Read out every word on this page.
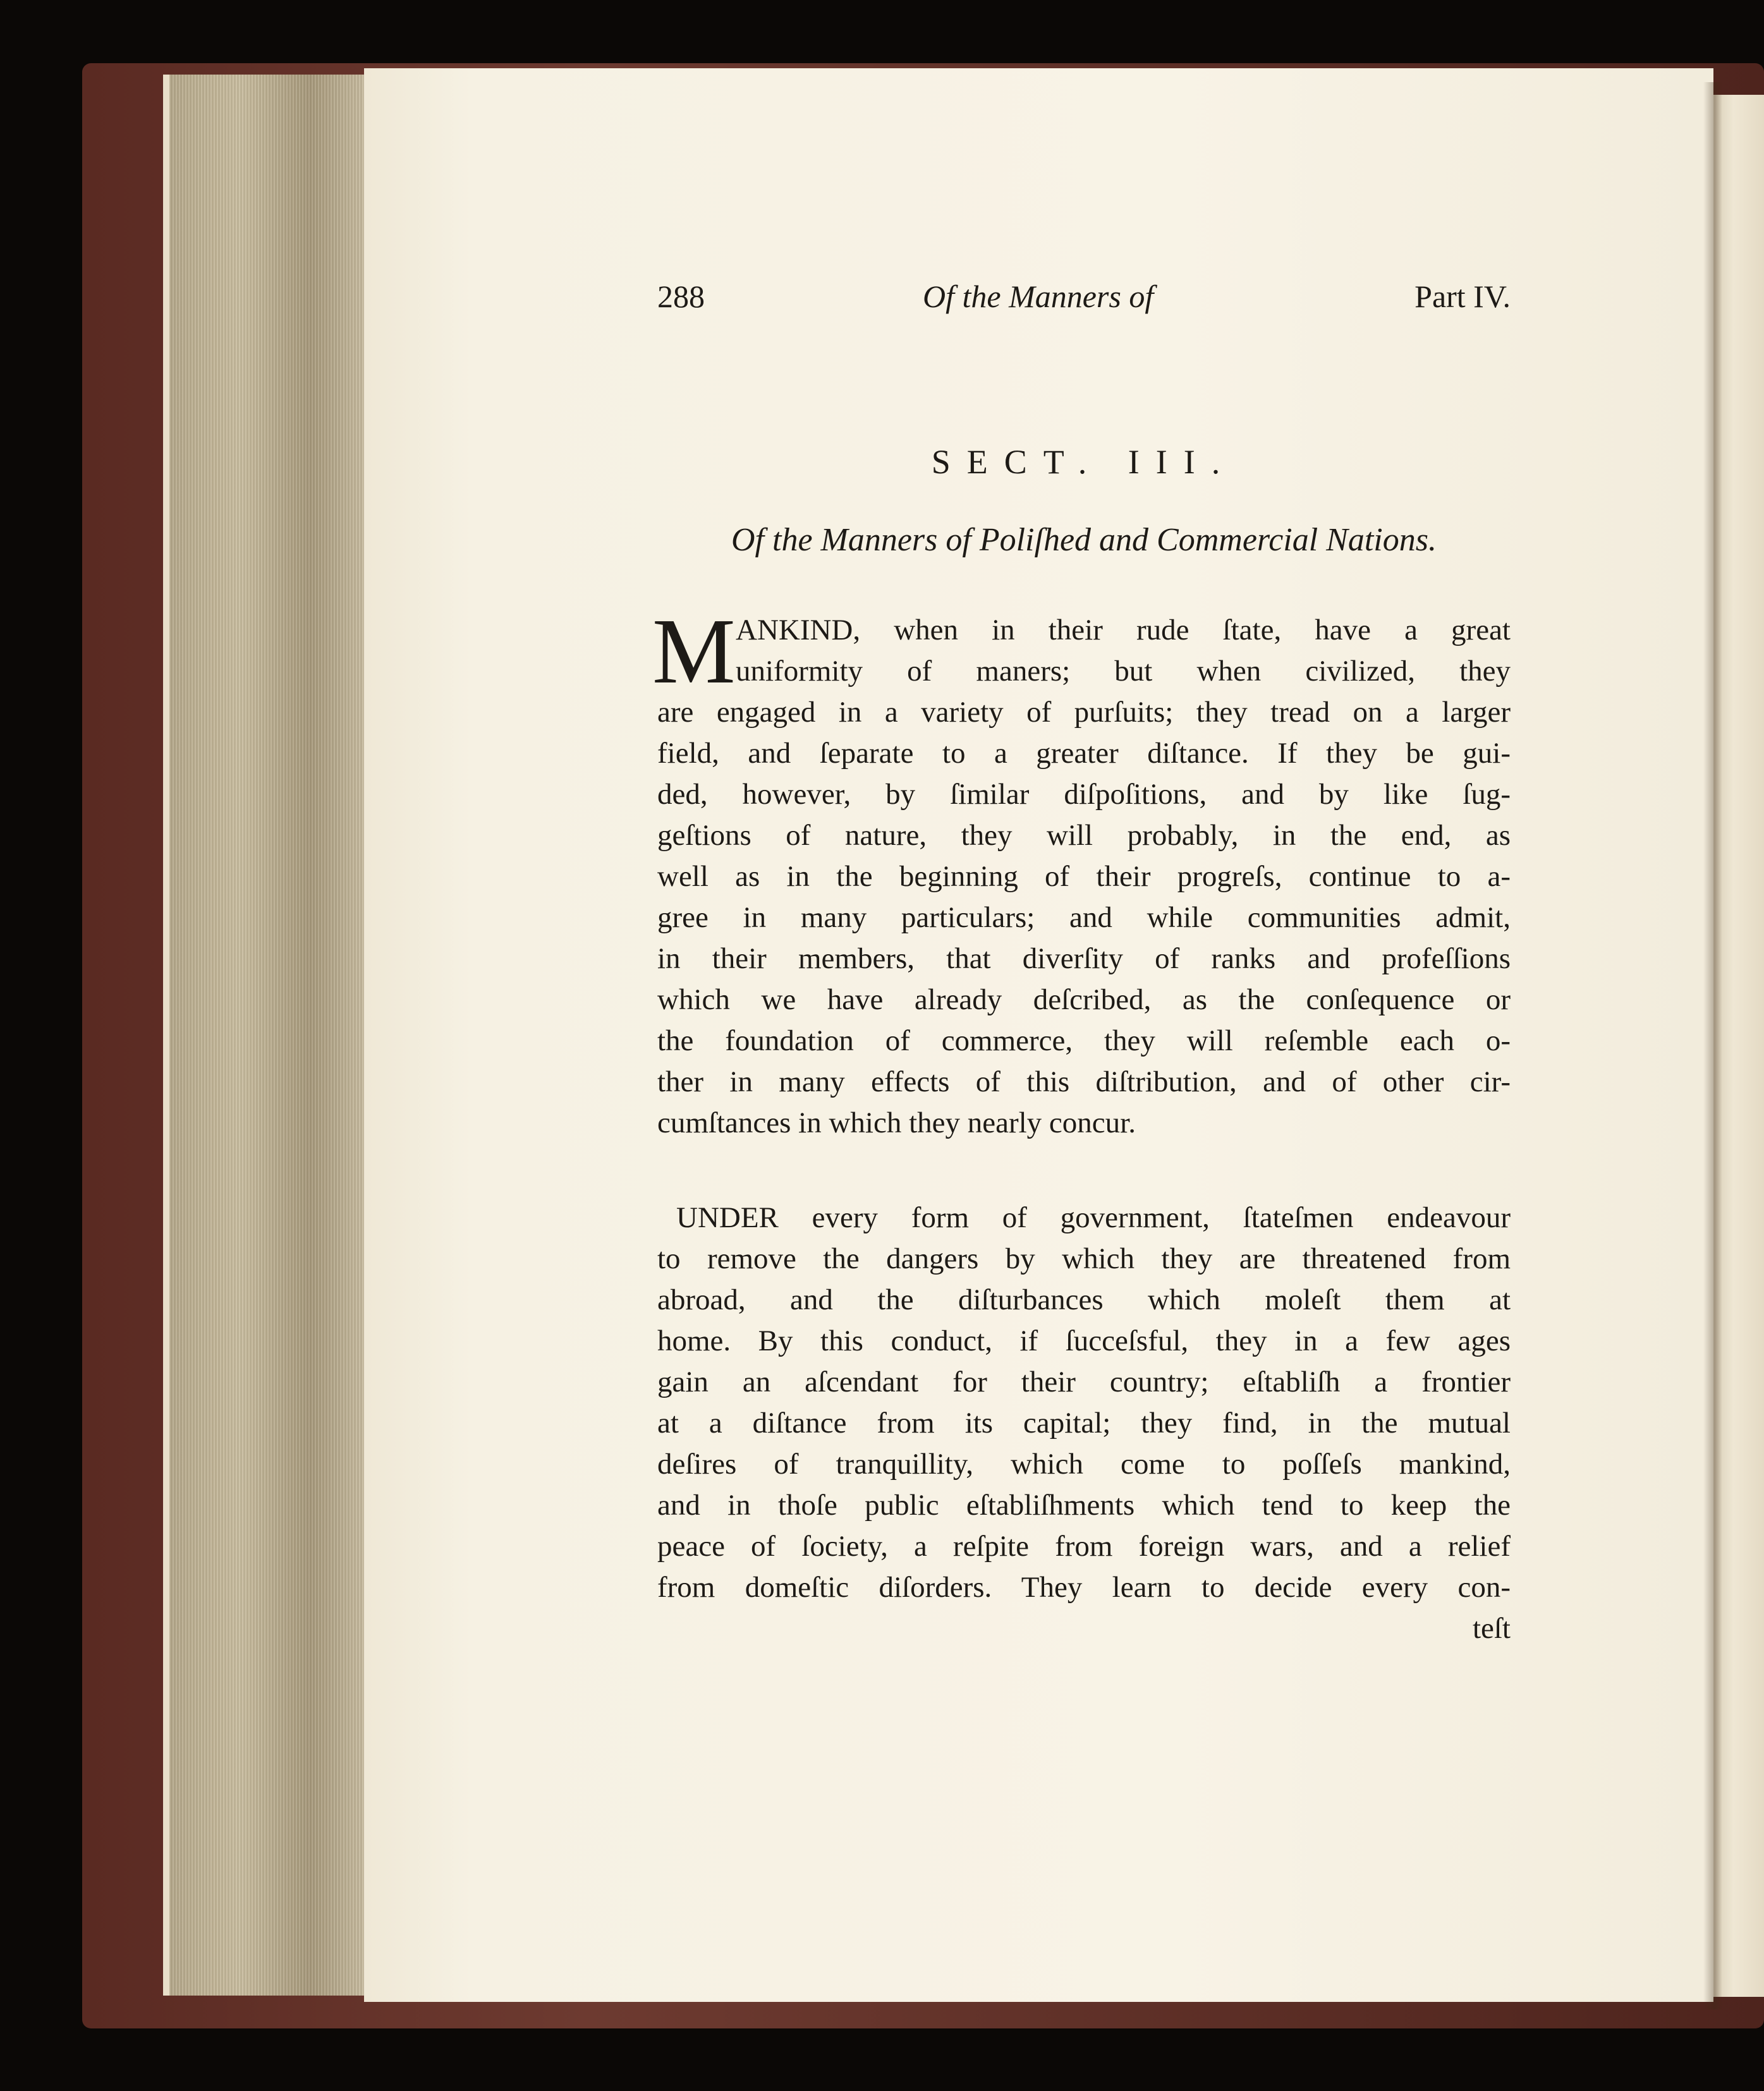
288	Of the Manners of	Part IV.
SECT. III.
Of the Manners of Poliſhed and Commercial Nations.
M ANKIND, when in their rude ſtate, have a great
uniformity of maners; but when civilized, they
are engaged in a variety of purſuits; they tread on a larger
field, and ſeparate to a greater diſtance. If they be gui-
ded, however, by ſimilar diſpoſitions, and by like ſug-
geſtions of nature, they will probably, in the end, as
well as in the beginning of their progreſs, continue to a-
gree in many particulars; and while communities admit,
in their members, that diverſity of ranks and profeſſions
which we have already deſcribed, as the conſequence or
the foundation of commerce, they will reſemble each o-
ther in many effects of this diſtribution, and of other cir-
cumſtances in which they nearly concur.
UNDER every form of government, ſtateſmen endeavour
to remove the dangers by which they are threatened from
abroad, and the diſturbances which moleſt them at
home. By this conduct, if ſucceſsful, they in a few ages
gain an aſcendant for their country; eſtabliſh a frontier
at a diſtance from its capital; they find, in the mutual
deſires of tranquillity, which come to poſſeſs mankind,
and in thoſe public eſtabliſhments which tend to keep the
peace of ſociety, a reſpite from foreign wars, and a relief
from domeſtic diſorders. They learn to decide every con-
teſt
